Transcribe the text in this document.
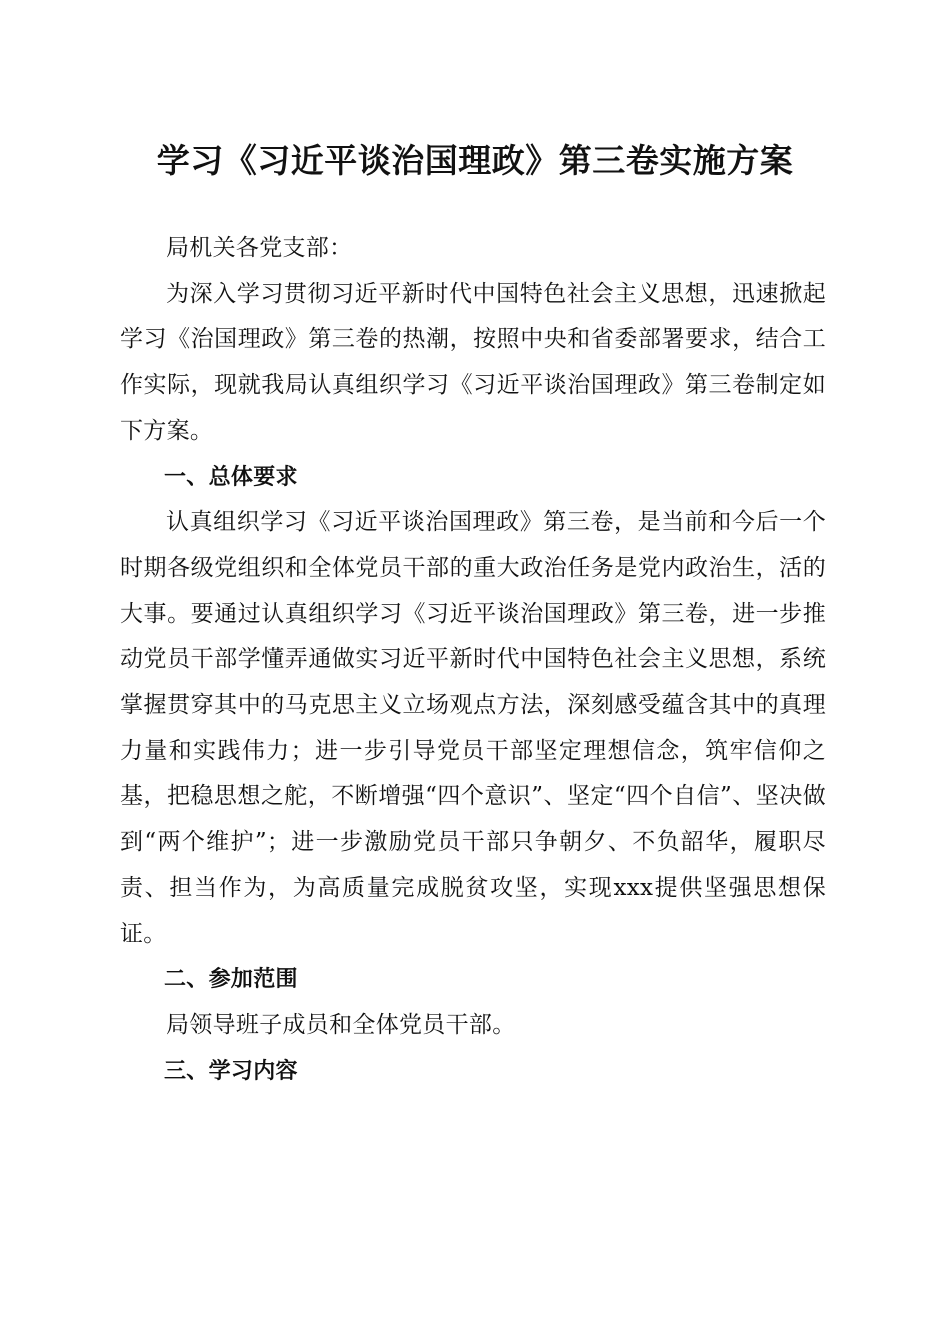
学习《习近平谈治国理政》第三卷实施方案

局机关各党支部：

为深入学习贯彻习近平新时代中国特色社会主义思想，迅速掀起学习《治国理政》第三卷的热潮，按照中央和省委部署要求，结合工作实际，现就我局认真组织学习《习近平谈治国理政》第三卷制定如下方案。

一、总体要求

认真组织学习《习近平谈治国理政》第三卷，是当前和今后一个时期各级党组织和全体党员干部的重大政治任务是党内政治生，活的大事。要通过认真组织学习《习近平谈治国理政》第三卷，进一步推动党员干部学懂弄通做实习近平新时代中国特色社会主义思想，系统掌握贯穿其中的马克思主义立场观点方法，深刻感受蕴含其中的真理力量和实践伟力；进一步引导党员干部坚定理想信念，筑牢信仰之基，把稳思想之舵，不断增强“四个意识”、坚定“四个自信”、坚决做到“两个维护”；进一步激励党员干部只争朝夕、不负韶华，履职尽责、担当作为，为高质量完成脱贫攻坚，实现xxx提供坚强思想保证。

二、参加范围

局领导班子成员和全体党员干部。

三、学习内容
